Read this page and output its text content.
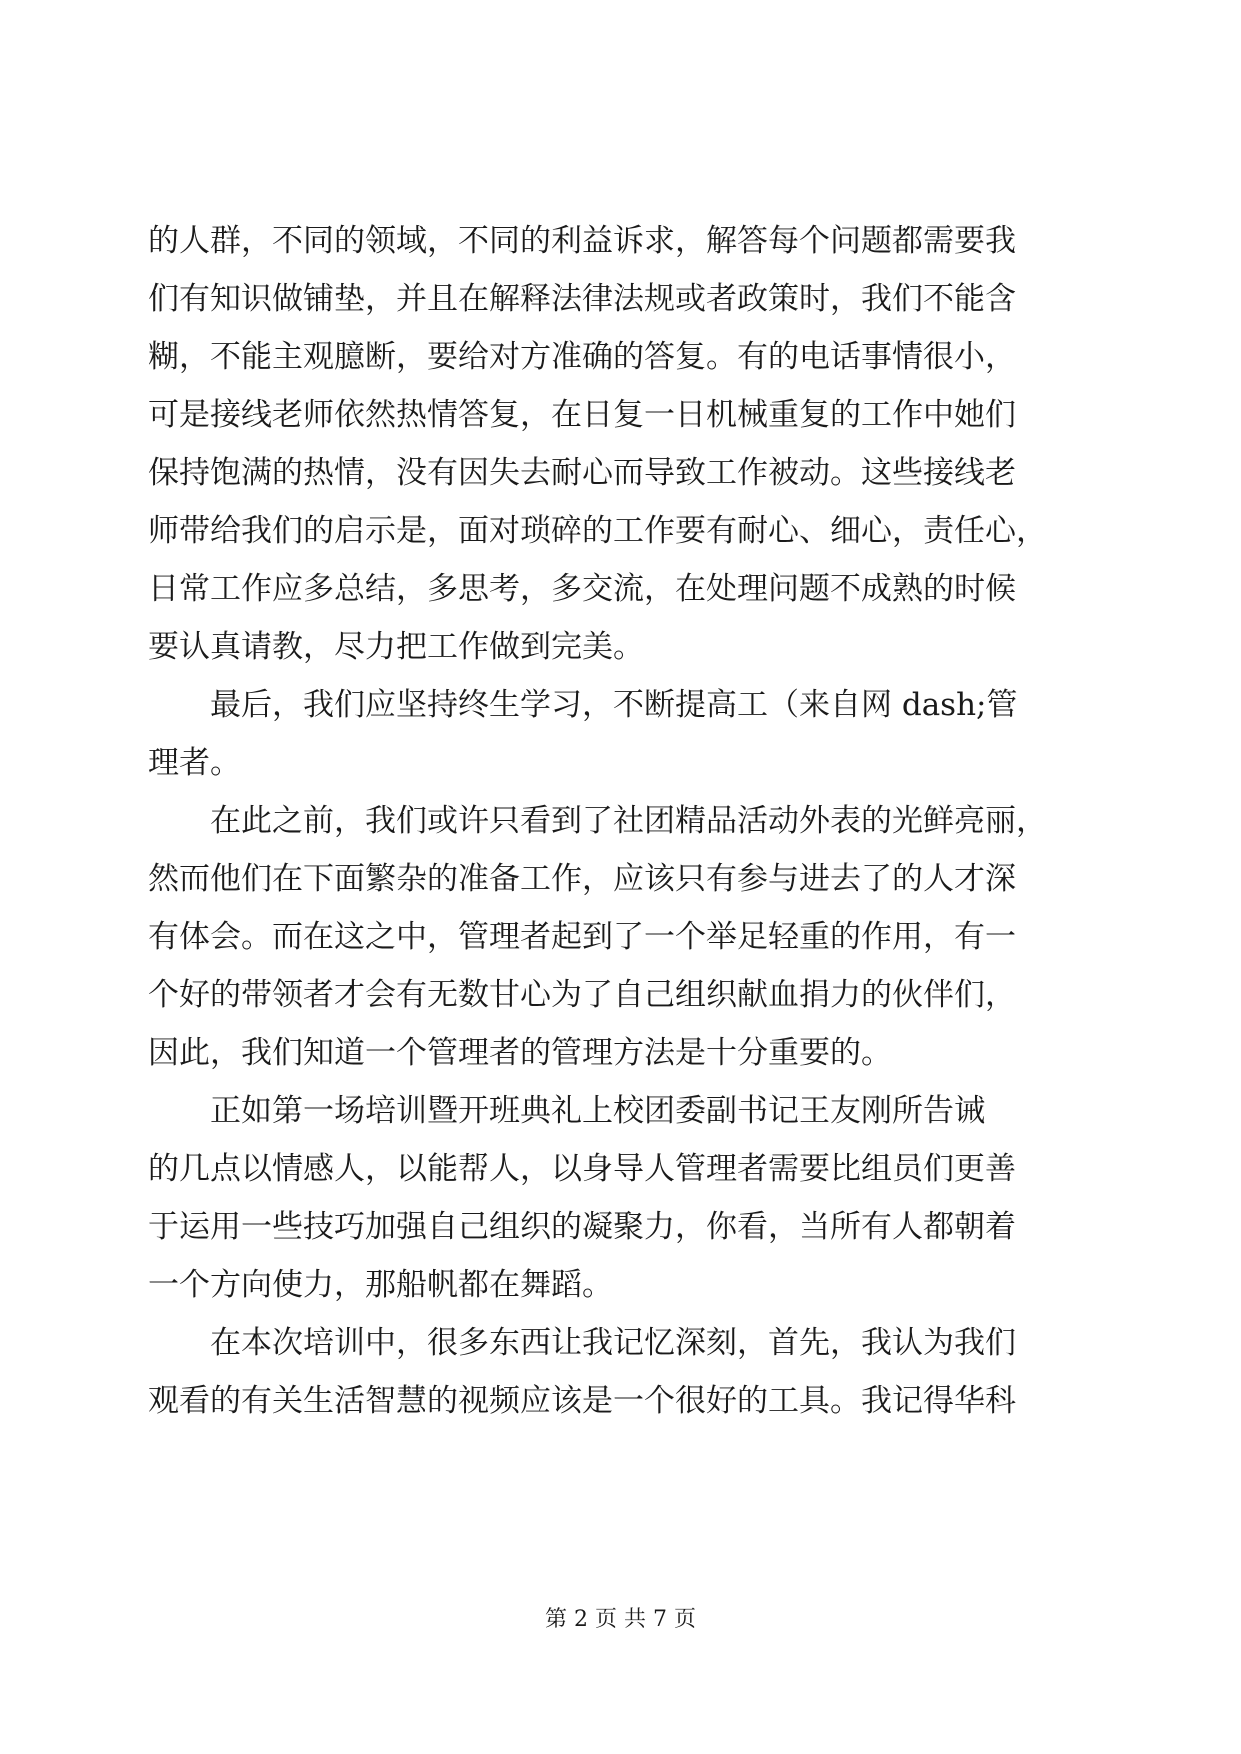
的人群，不同的领域，不同的利益诉求，解答每个问题都需要我
们有知识做铺垫，并且在解释法律法规或者政策时，我们不能含
糊，不能主观臆断，要给对方准确的答复。有的电话事情很小，
可是接线老师依然热情答复，在日复一日机械重复的工作中她们
保持饱满的热情，没有因失去耐心而导致工作被动。这些接线老
师带给我们的启示是，面对琐碎的工作要有耐心、细心，责任心，
日常工作应多总结，多思考，多交流，在处理问题不成熟的时候
要认真请教，尽力把工作做到完美。
最后，我们应坚持终生学习，不断提高工（来自网 dash;管
理者。
在此之前，我们或许只看到了社团精品活动外表的光鲜亮丽，
然而他们在下面繁杂的准备工作，应该只有参与进去了的人才深
有体会。而在这之中，管理者起到了一个举足轻重的作用，有一
个好的带领者才会有无数甘心为了自己组织献血捐力的伙伴们，
因此，我们知道一个管理者的管理方法是十分重要的。
正如第一场培训暨开班典礼上校团委副书记王友刚所告诫
的几点以情感人，以能帮人，以身导人管理者需要比组员们更善
于运用一些技巧加强自己组织的凝聚力，你看，当所有人都朝着
一个方向使力，那船帆都在舞蹈。
在本次培训中，很多东西让我记忆深刻，首先，我认为我们
观看的有关生活智慧的视频应该是一个很好的工具。我记得华科
第 2 页 共 7 页
